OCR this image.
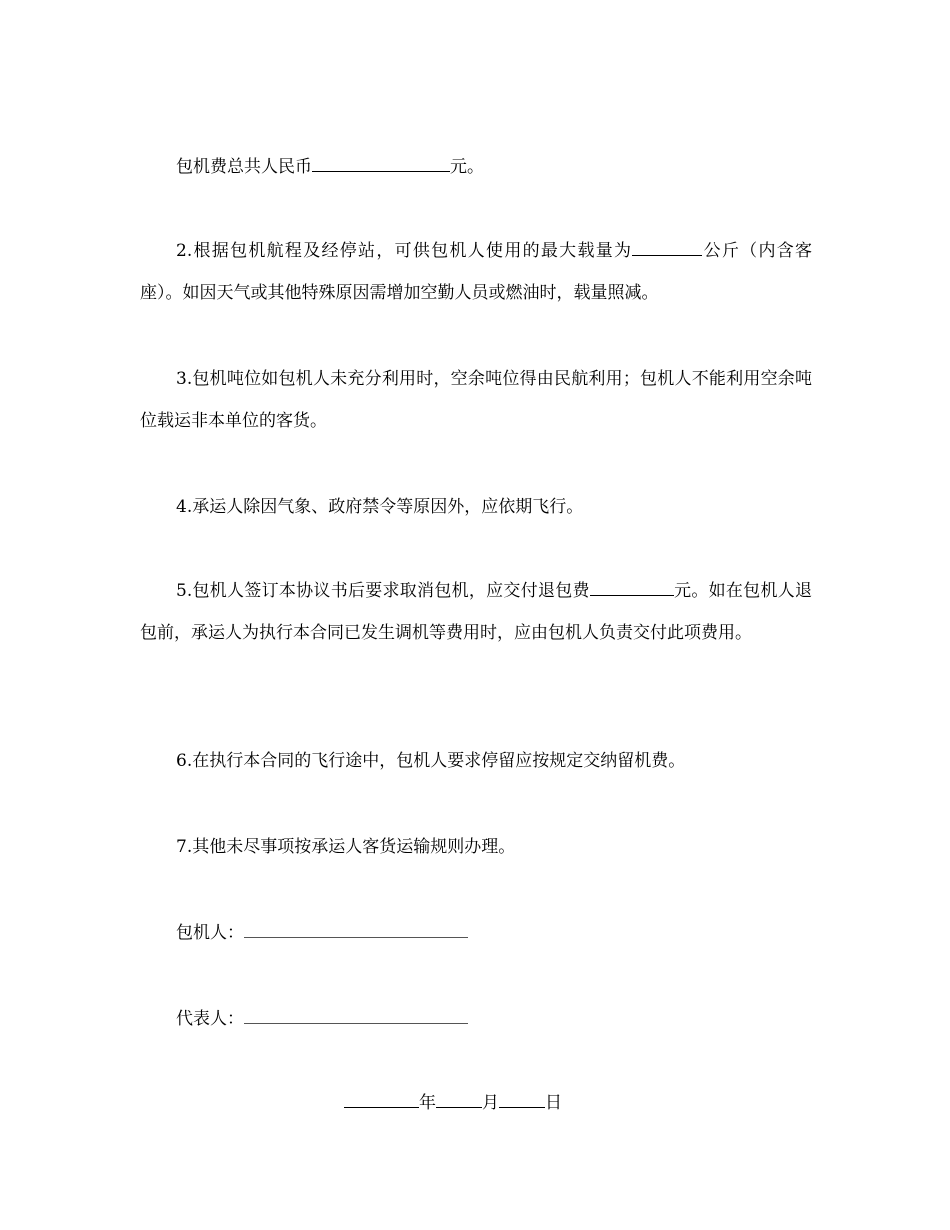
包机费总共人民币	元。

2.根据包机航程及经停站，可供包机人使用的最大载量为	公斤（内含客座）。如因天气或其他特殊原因需增加空勤人员或燃油时，载量照减。

3.包机吨位如包机人未充分利用时，空余吨位得由民航利用；包机人不能利用空余吨位载运非本单位的客货。

4.承运人除因气象、政府禁令等原因外，应依期飞行。

5.包机人签订本协议书后要求取消包机，应交付退包费	元。如在包机人退包前，承运人为执行本合同已发生调机等费用时，应由包机人负责交付此项费用。

6.在执行本合同的飞行途中，包机人要求停留应按规定交纳留机费。

7.其他未尽事项按承运人客货运输规则办理。

包机人：

代表人：

年	月	日
